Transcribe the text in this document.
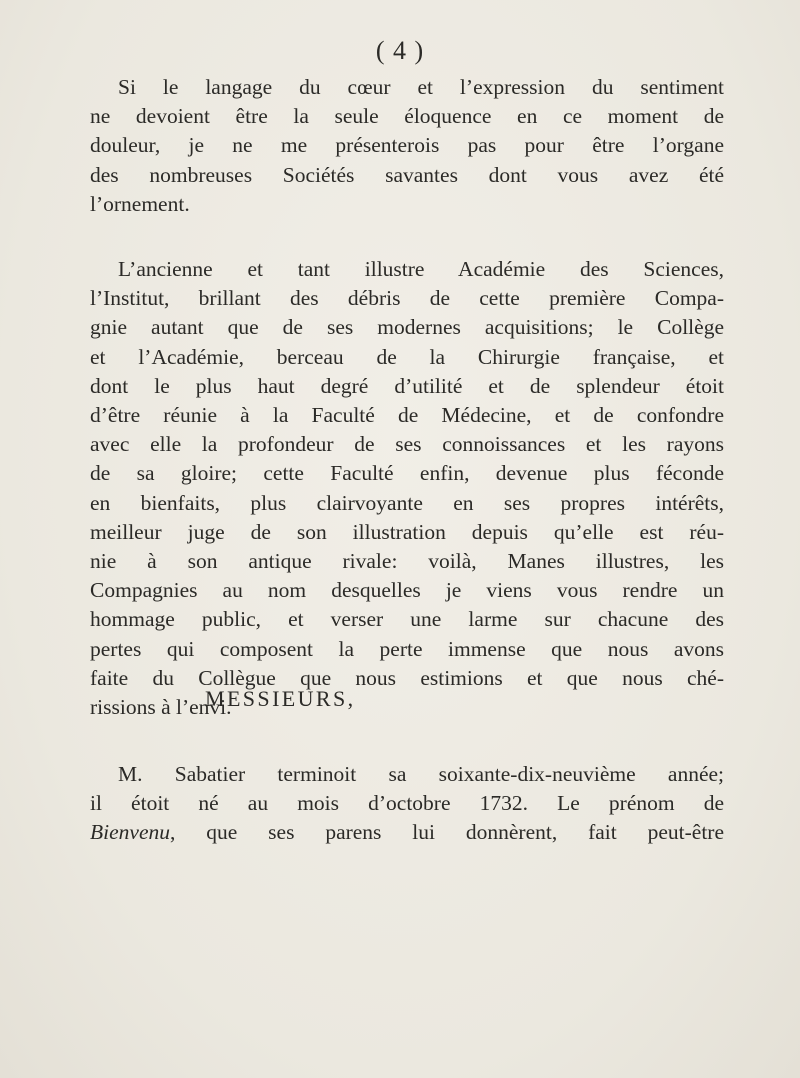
( 4 )

Si le langage du cœur et l’expression du sentiment
ne devoient être la seule éloquence en ce moment de
douleur, je ne me présenterois pas pour être l’organe
des nombreuses Sociétés savantes dont vous avez été
l’ornement.

L’ancienne et tant illustre Académie des Sciences,
l’Institut, brillant des débris de cette première Compa-
gnie autant que de ses modernes acquisitions; le Collège
et l’Académie, berceau de la Chirurgie française, et
dont le plus haut degré d’utilité et de splendeur étoit
d’être réunie à la Faculté de Médecine, et de confondre
avec elle la profondeur de ses connoissances et les rayons
de sa gloire; cette Faculté enfin, devenue plus féconde
en bienfaits, plus clairvoyante en ses propres intérêts,
meilleur juge de son illustration depuis qu’elle est réu-
nie à son antique rivale: voilà, Manes illustres, les
Compagnies au nom desquelles je viens vous rendre un
hommage public, et verser une larme sur chacune des
pertes qui composent la perte immense que nous avons
faite du Collègue que nous estimions et que nous ché-
rissions à l’envi.

MESSIEURS,

M. Sabatier terminoit sa soixante-dix-neuvième année;
il étoit né au mois d’octobre 1732. Le prénom de
Bienvenu, que ses parens lui donnèrent, fait peut-être
